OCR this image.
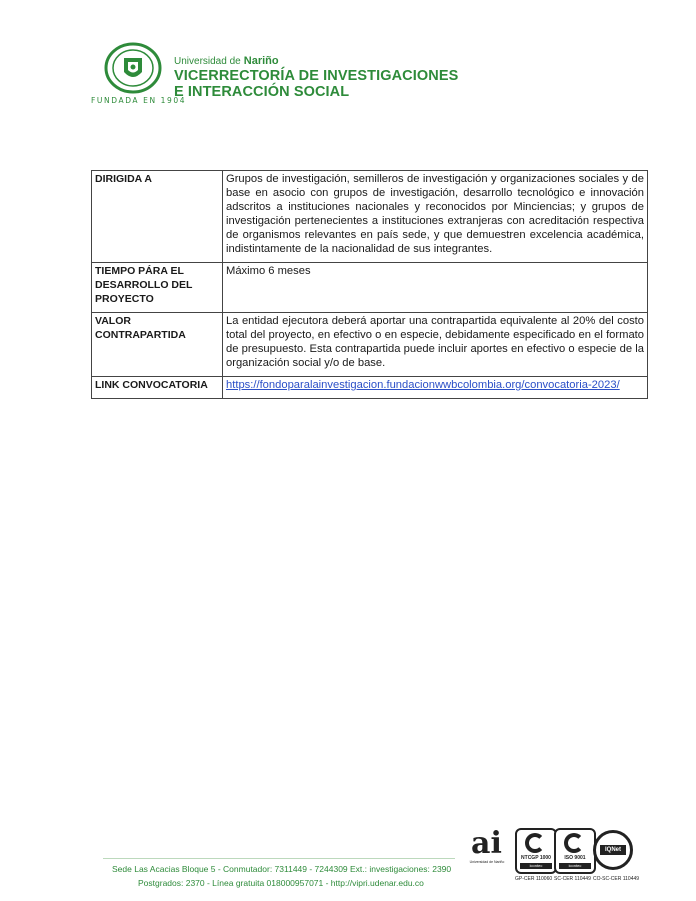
FUNDADA EN 1904
Universidad de Nariño
VICERRECTORÍA DE INVESTIGACIONES
E INTERACCIÓN SOCIAL
DIRIGIDA A	Grupos de investigación, semilleros de investigación y organizaciones sociales y de base en asocio con grupos de investigación, desarrollo tecnológico e innovación adscritos a instituciones nacionales y reconocidos por Minciencias; y grupos de investigación pertenecientes a instituciones extranjeras con acreditación respectiva de organismos relevantes en país sede, y que demuestren excelencia académica, indistintamente de la nacionalidad de sus integrantes.
TIEMPO PÁRA EL DESARROLLO DEL PROYECTO	Máximo 6 meses
VALOR CONTRAPARTIDA	La entidad ejecutora deberá aportar una contrapartida equivalente al 20% del costo total del proyecto, en efectivo o en especie, debidamente especificado en el formato de presupuesto. Esta contrapartida puede incluir aportes en efectivo o especie de la organización social y/o de base.
LINK CONVOCATORIA	https://fondoparalainvestigacion.fundacionwwbcolombia.org/convocatoria-2023/
Sede Las Acacias Bloque 5 - Conmutador: 7311449 - 7244309 Ext.: investigaciones: 2390
Postgrados: 2370 - Línea gratuita 018000957071 - http://vipri.udenar.edu.co
ai
Universidad de Nariño
NTCGP 1000
icontec
GP-CER 110060
ISO 9001
icontec
SC-CER 110449
IQNet
CO-SC-CER 110449
